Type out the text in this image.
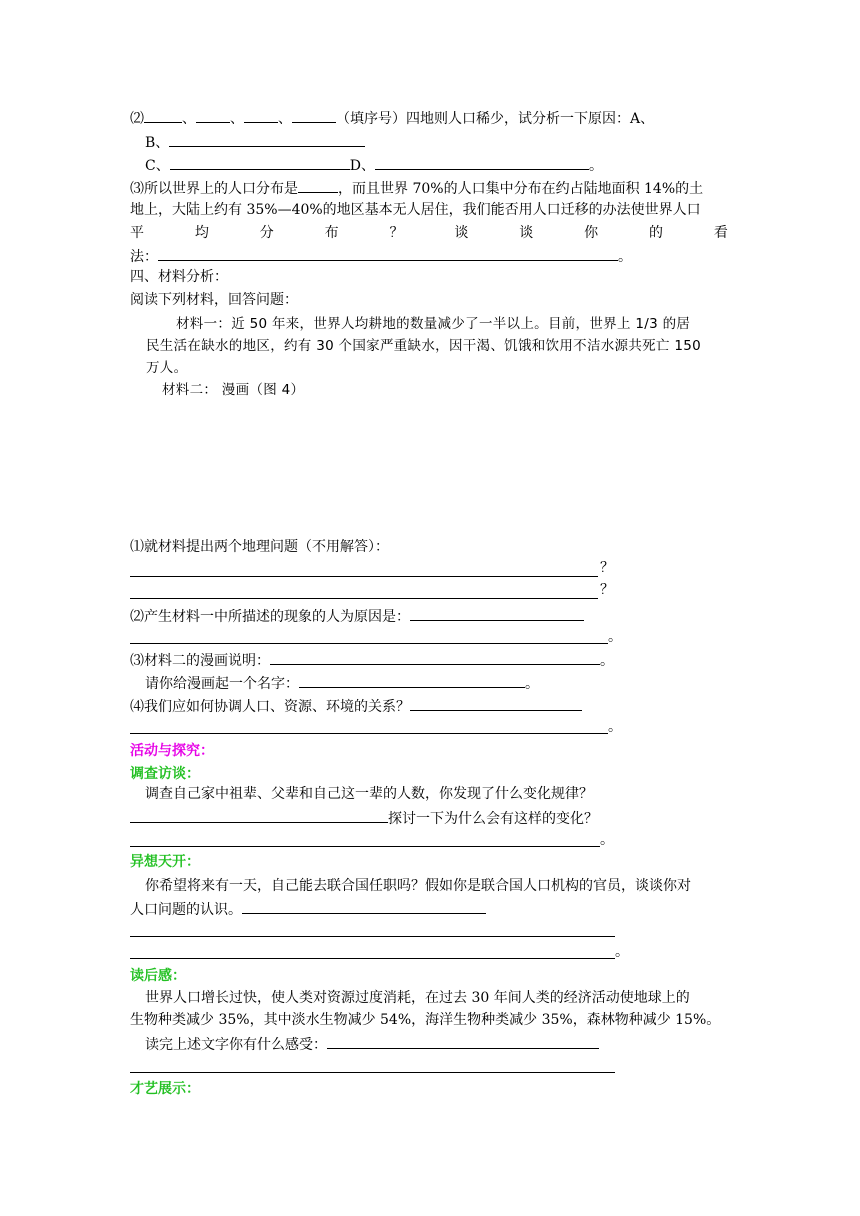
⑵	、 、 、	（填序号）四地则人口稀少，试分析一下原因：A、
B、
C、	D、	。
⑶所以世界上的人口分布是	，而且世界 70%的人口集中分布在约占陆地面积 14%的土
地上，大陆上约有 35%—40%的地区基本无人居住，我们能否用人口迁移的办法使世界人口
平	均	分	布	？	谈	谈	你	的	看
法：	。
四、材料分析：
阅读下列材料，回答问题：
材料一：近 50 年来，世界人均耕地的数量减少了一半以上。目前，世界上 1/3 的居
民生活在缺水的地区，约有 30 个国家严重缺水，因干渴、饥饿和饮用不洁水源共死亡 150
万人。
材料二： 漫画（图 4）
⑴就材料提出两个地理问题（不用解答）：
？
？
⑵产生材料一中所描述的现象的人为原因是：
。
⑶材料二的漫画说明：	。
请你给漫画起一个名字：	。
⑷我们应如何协调人口、资源、环境的关系？
。
活动与探究：
调查访谈：
调查自己家中祖辈、父辈和自己这一辈的人数，你发现了什么变化规律？
探讨一下为什么会有这样的变化？
。
异想天开：
你希望将来有一天，自己能去联合国任职吗？假如你是联合国人口机构的官员，谈谈你对
人口问题的认识。
。
读后感：
世界人口增长过快，使人类对资源过度消耗，在过去 30 年间人类的经济活动使地球上的
生物种类减少 35%，其中淡水生物减少 54%，海洋生物种类减少 35%，森林物种减少 15%。
读完上述文字你有什么感受：
才艺展示：
